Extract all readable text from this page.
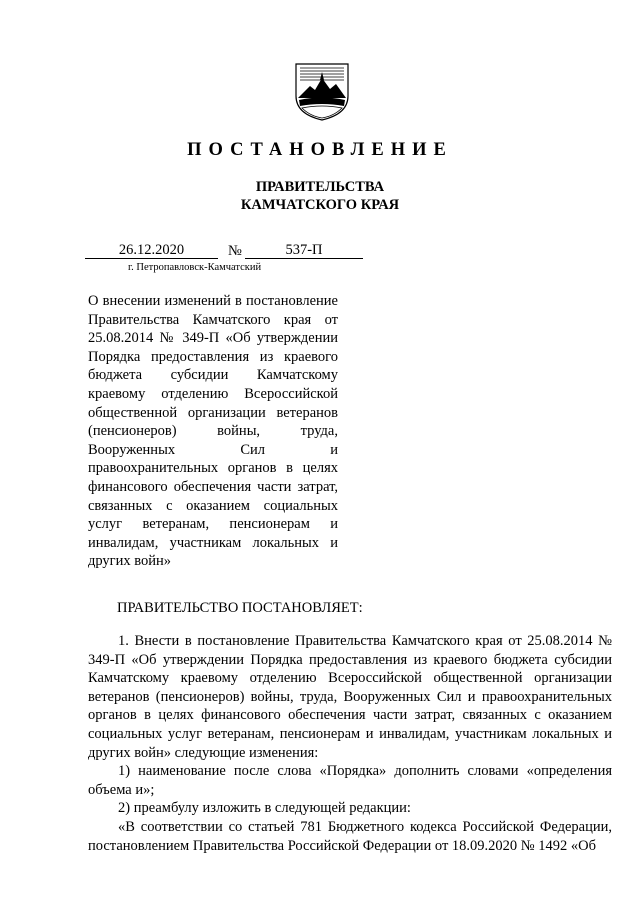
ПОСТАНОВЛЕНИЕ
ПРАВИТЕЛЬСТВА
КАМЧАТСКОГО КРАЯ
26.12.2020	№	537-П
г. Петропавловск-Камчатский
О внесении изменений в постановление Правительства Камчатского края от 25.08.2014 № 349-П «Об утверждении Порядка предоставления из краевого бюджета субсидии Камчатскому краевому отделению Всероссийской общественной организации ветеранов (пенсионеров) войны, труда, Вооруженных Сил и правоохранительных органов в целях финансового обеспечения части затрат, связанных с оказанием социальных услуг ветеранам, пенсионерам и инвалидам, участникам локальных и других войн»
ПРАВИТЕЛЬСТВО ПОСТАНОВЛЯЕТ:

1. Внести в постановление Правительства Камчатского края от 25.08.2014 № 349-П «Об утверждении Порядка предоставления из краевого бюджета субсидии Камчатскому краевому отделению Всероссийской общественной организации ветеранов (пенсионеров) войны, труда, Вооруженных Сил и правоохранительных органов в целях финансового обеспечения части затрат, связанных с оказанием социальных услуг ветеранам, пенсионерам и инвалидам, участникам локальных и других войн» следующие изменения:

1) наименование после слова «Порядка» дополнить словами «определения объема и»;

2) преамбулу изложить в следующей редакции:

«В соответствии со статьей 781 Бюджетного кодекса Российской Федерации, постановлением Правительства Российской Федерации от 18.09.2020 № 1492 «Об
